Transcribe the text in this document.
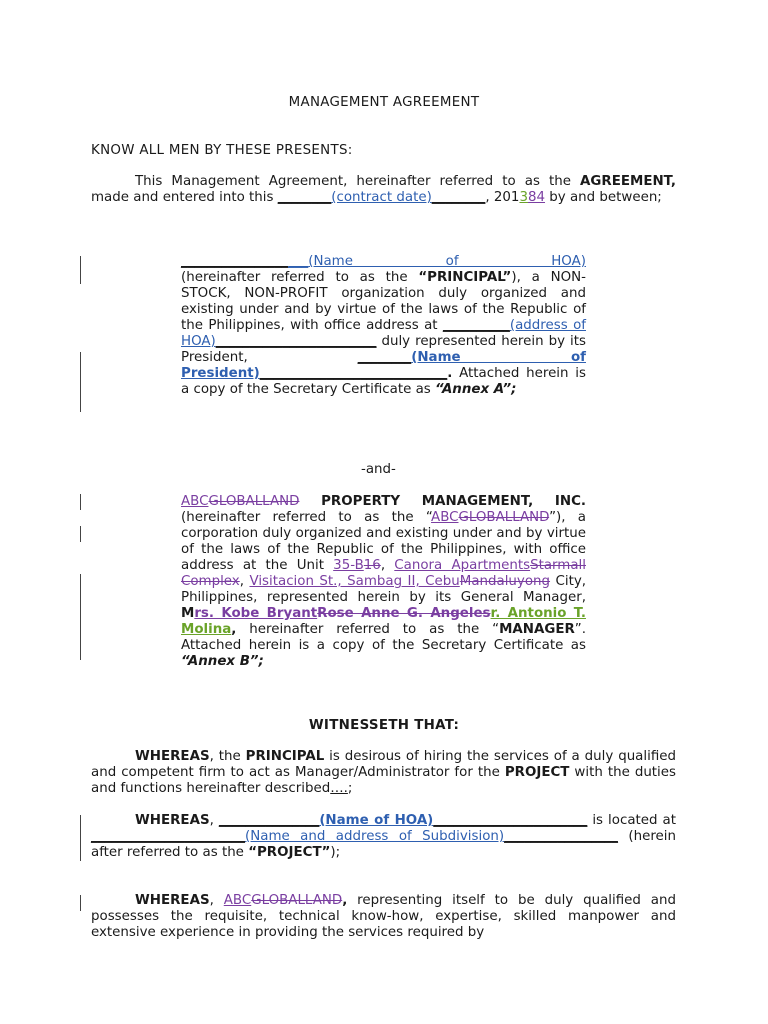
MANAGEMENT AGREEMENT
KNOW ALL MEN BY THESE PRESENTS:

This Management Agreement, hereinafter referred to as the AGREEMENT, made and entered into this ________(contract date)________, 201384 by and between;

___________________(Name of HOA)
(hereinafter referred to as the “PRINCIPAL”), a NON-STOCK, NON-PROFIT organization duly organized and existing under and by virtue of the laws of the Republic of the Philippines, with office address at __________(address of HOA)________________________ duly represented herein by its President, ________(Name of President)____________________________. Attached herein is a copy of the Secretary Certificate as “Annex A”;

-and-

ABCGLOBALLAND PROPERTY MANAGEMENT, INC. (hereinafter referred to as the “ABCGLOBALLAND”), a corporation duly organized and existing under and by virtue of the laws of the Republic of the Philippines, with office address at the Unit 35-B16, Canora ApartmentsStarmall Complex, Visitacion St., Sambag II, CebuMandaluyong City, Philippines, represented herein by its General Manager, Mrs. Kobe BryantRose Anne G. Angelesr. Antonio T. Molina, hereinafter referred to as the “MANAGER”. Attached herein is a copy of the Secretary Certificate as “Annex B”;

WITNESSETH THAT:

WHEREAS, the PRINCIPAL is desirous of hiring the services of a duly qualified and competent firm to act as Manager/Administrator for the PROJECT with the duties and functions hereinafter described….;

WHEREAS, _______________(Name of HOA)_______________________ is located at _______________________(Name and address of Subdivision)_________________ (herein after referred to as the “PROJECT”);

WHEREAS, ABCGLOBALLAND, representing itself to be duly qualified and possesses the requisite, technical know-how, expertise, skilled manpower and extensive experience in providing the services required by
